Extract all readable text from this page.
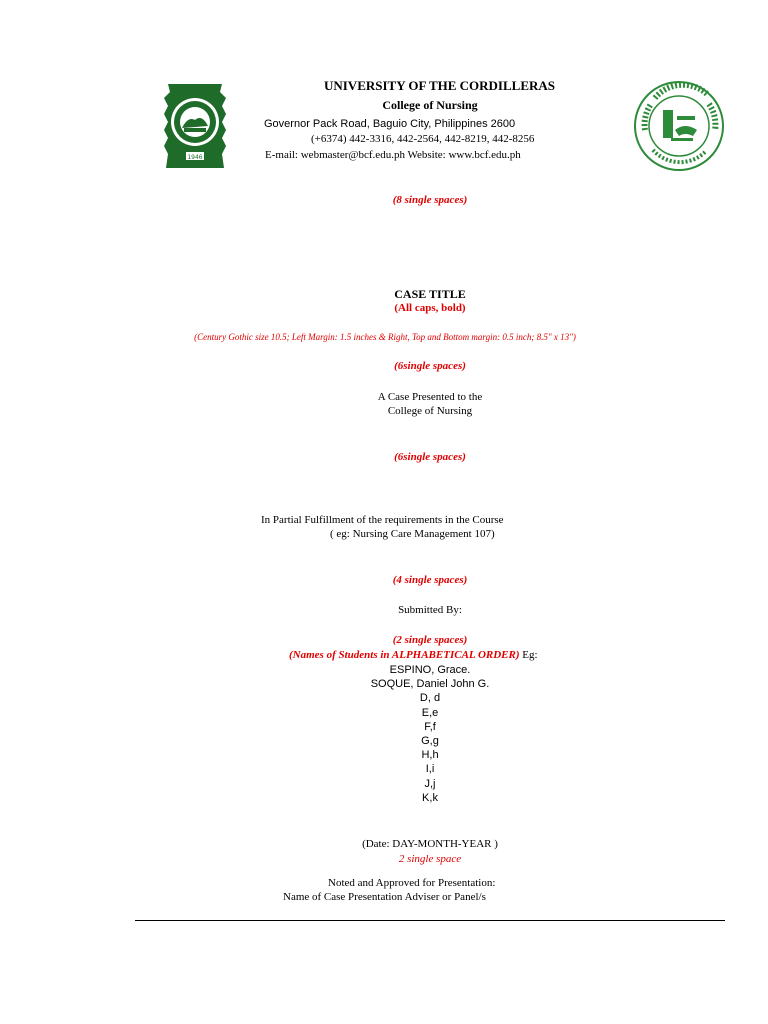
1946
UNIVERSITY OF THE CORDILLERAS
College of Nursing
Governor Pack Road, Baguio City, Philippines 2600
(+6374) 442-3316, 442-2564, 442-8219, 442-8256
E-mail: webmaster@bcf.edu.ph Website: www.bcf.edu.ph
(8 single spaces)
CASE TITLE
(All caps, bold)
(Century Gothic size 10.5; Left Margin: 1.5 inches & Right, Top and Bottom margin: 0.5 inch; 8.5" x 13")
(6single spaces)
A Case Presented to the
College of Nursing
(6single spaces)
In Partial Fulfillment of the requirements in the Course
( eg: Nursing Care Management 107)
(4 single spaces)
Submitted By:
(2 single spaces)
(Names of Students in ALPHABETICAL ORDER) Eg:
ESPINO, Grace.
SOQUE, Daniel John G.
D, d
E,e
F,f
G,g
H,h
I,i
J,j
K,k
(Date: DAY-MONTH-YEAR )
2 single space
Noted and Approved for Presentation:
Name of Case Presentation Adviser or Panel/s
